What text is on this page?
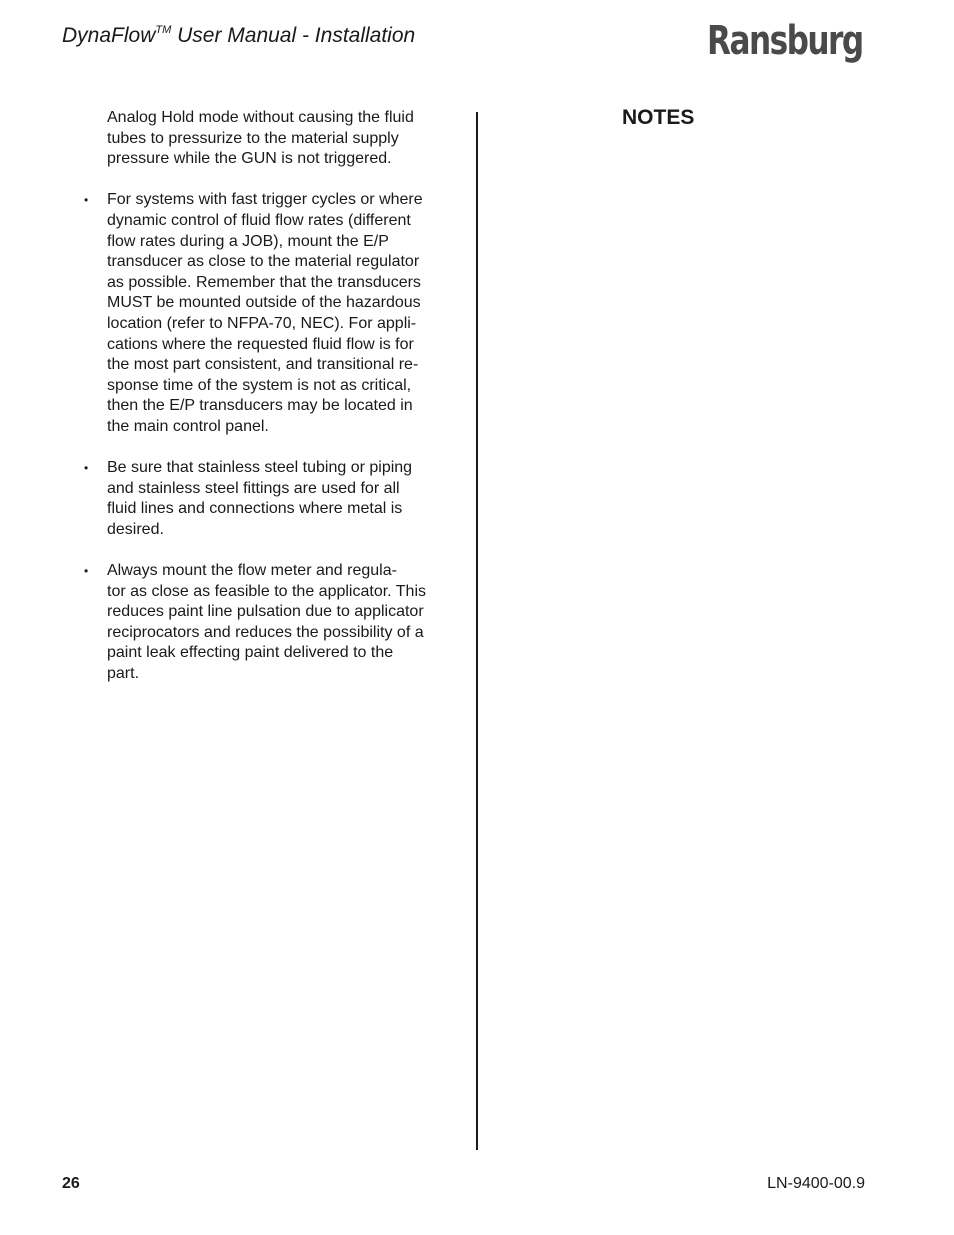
DynaFlow™ User Manual - Installation	Ransburg
Analog Hold mode without causing the fluid
tubes to pressurize to the material supply
pressure while the GUN is not triggered.
• For systems with fast trigger cycles or where
dynamic control of fluid flow rates (different
flow rates during a JOB), mount the E/P
transducer as close to the material regulator
as possible. Remember that the transducers
MUST be mounted outside of the hazardous
location (refer to NFPA-70, NEC). For appli-
cations where the requested fluid flow is for
the most part consistent, and transitional re-
sponse time of the system is not as critical,
then the E/P transducers may be located in
the main control panel.
• Be sure that stainless steel tubing or piping
and stainless steel fittings are used for all
fluid lines and connections where metal is
desired.
• Always mount the flow meter and regula-
tor as close as feasible to the applicator. This
reduces paint line pulsation due to applicator
reciprocators and reduces the possibility of a
paint leak effecting paint delivered to the
part.
NOTES
26	LN-9400-00.9
